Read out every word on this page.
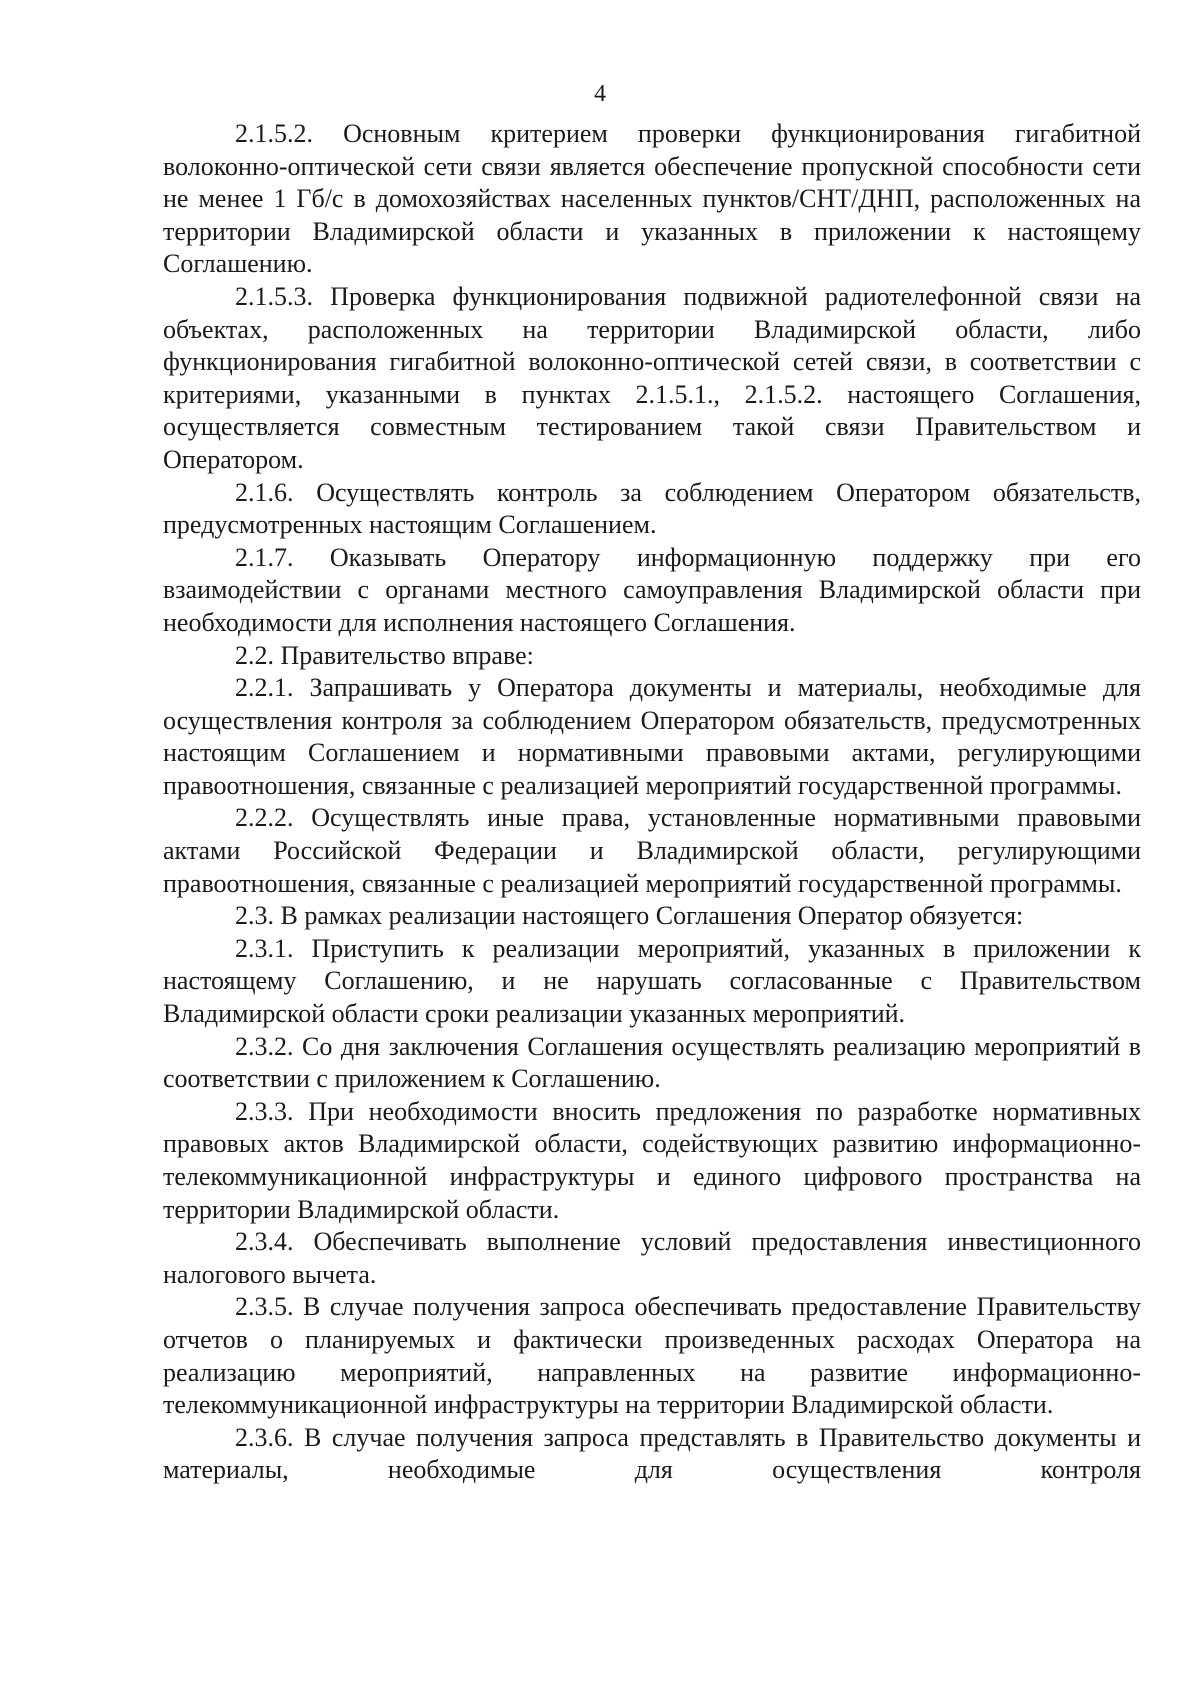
4

2.1.5.2. Основным критерием проверки функционирования гигабитной волоконно-оптической сети связи является обеспечение пропускной способности сети не менее 1 Гб/с в домохозяйствах населенных пунктов/СНТ/ДНП, расположенных на территории Владимирской области и указанных в приложении к настоящему Соглашению.

2.1.5.3. Проверка функционирования подвижной радиотелефонной связи на объектах, расположенных на территории Владимирской области, либо функционирования гигабитной волоконно-оптической сетей связи, в соответствии с критериями, указанными в пунктах 2.1.5.1., 2.1.5.2. настоящего Соглашения, осуществляется совместным тестированием такой связи Правительством и Оператором.

2.1.6. Осуществлять контроль за соблюдением Оператором обязательств, предусмотренных настоящим Соглашением.

2.1.7. Оказывать Оператору информационную поддержку при его взаимодействии с органами местного самоуправления Владимирской области при необходимости для исполнения настоящего Соглашения.

2.2. Правительство вправе:

2.2.1. Запрашивать у Оператора документы и материалы, необходимые для осуществления контроля за соблюдением Оператором обязательств, предусмотренных настоящим Соглашением и нормативными правовыми актами, регулирующими правоотношения, связанные с реализацией мероприятий государственной программы.

2.2.2. Осуществлять иные права, установленные нормативными правовыми актами Российской Федерации и Владимирской области, регулирующими правоотношения, связанные с реализацией мероприятий государственной программы.

2.3. В рамках реализации настоящего Соглашения Оператор обязуется:

2.3.1. Приступить к реализации мероприятий, указанных в приложении к настоящему Соглашению, и не нарушать согласованные с Правительством Владимирской области сроки реализации указанных мероприятий.

2.3.2. Со дня заключения Соглашения осуществлять реализацию мероприятий в соответствии с приложением к Соглашению.

2.3.3. При необходимости вносить предложения по разработке нормативных правовых актов Владимирской области, содействующих развитию информационно-телекоммуникационной инфраструктуры и единого цифрового пространства на территории Владимирской области.

2.3.4. Обеспечивать выполнение условий предоставления инвестиционного налогового вычета.

2.3.5. В случае получения запроса обеспечивать предоставление Правительству отчетов о планируемых и фактически произведенных расходах Оператора на реализацию мероприятий, направленных на развитие информационно-телекоммуникационной инфраструктуры на территории Владимирской области.

2.3.6. В случае получения запроса представлять в Правительство документы и материалы, необходимые для осуществления контроля
